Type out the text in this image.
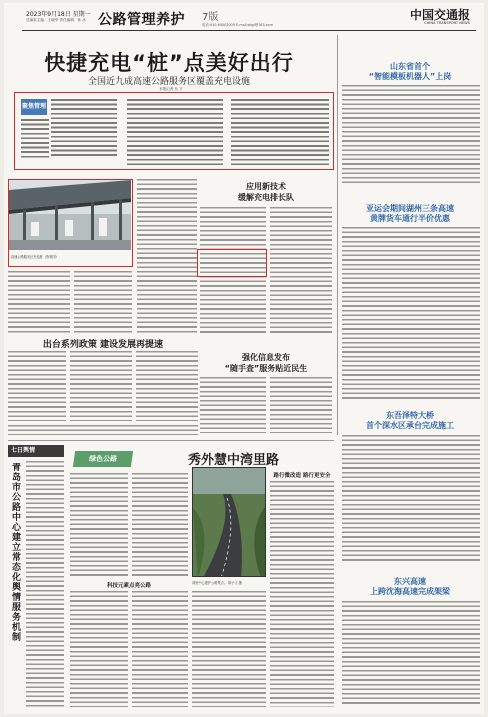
2023年9月18日 星期一
总编室主编：王晓华 责任编辑：孙 冰 公路管理养护 7版
电话:010-64002000 E-mail:zbgl@163.com
中国交通报
CHINA TRANSPORT NEWS
快捷充电“桩”点美好出行
全国近九成高速公路服务区覆盖充电设施
本报记者 丛 宇
聚焦管理
高速公路服务区充电桩（资料图）
应用新技术
缓解充电排长队
出台系列政策 建设发展再提速
强化信息发布
“随手查”服务贴近民生
山东省首个
“智能模板机器人”上岗
亚运会期间湖州三条高速
黄牌货车通行半价优惠
东吾泽特大桥
首个深水区承台完成施工
东兴高速
上跨沈海高速完成架梁
七日舆情
青岛市公路中心建立常态化舆情服务机制
绿色公路	秀外慧中湾里路
科技元素点亮公路	湾里中心建护公路景点。 陈子文 摄
路行微改造 路行更安全
